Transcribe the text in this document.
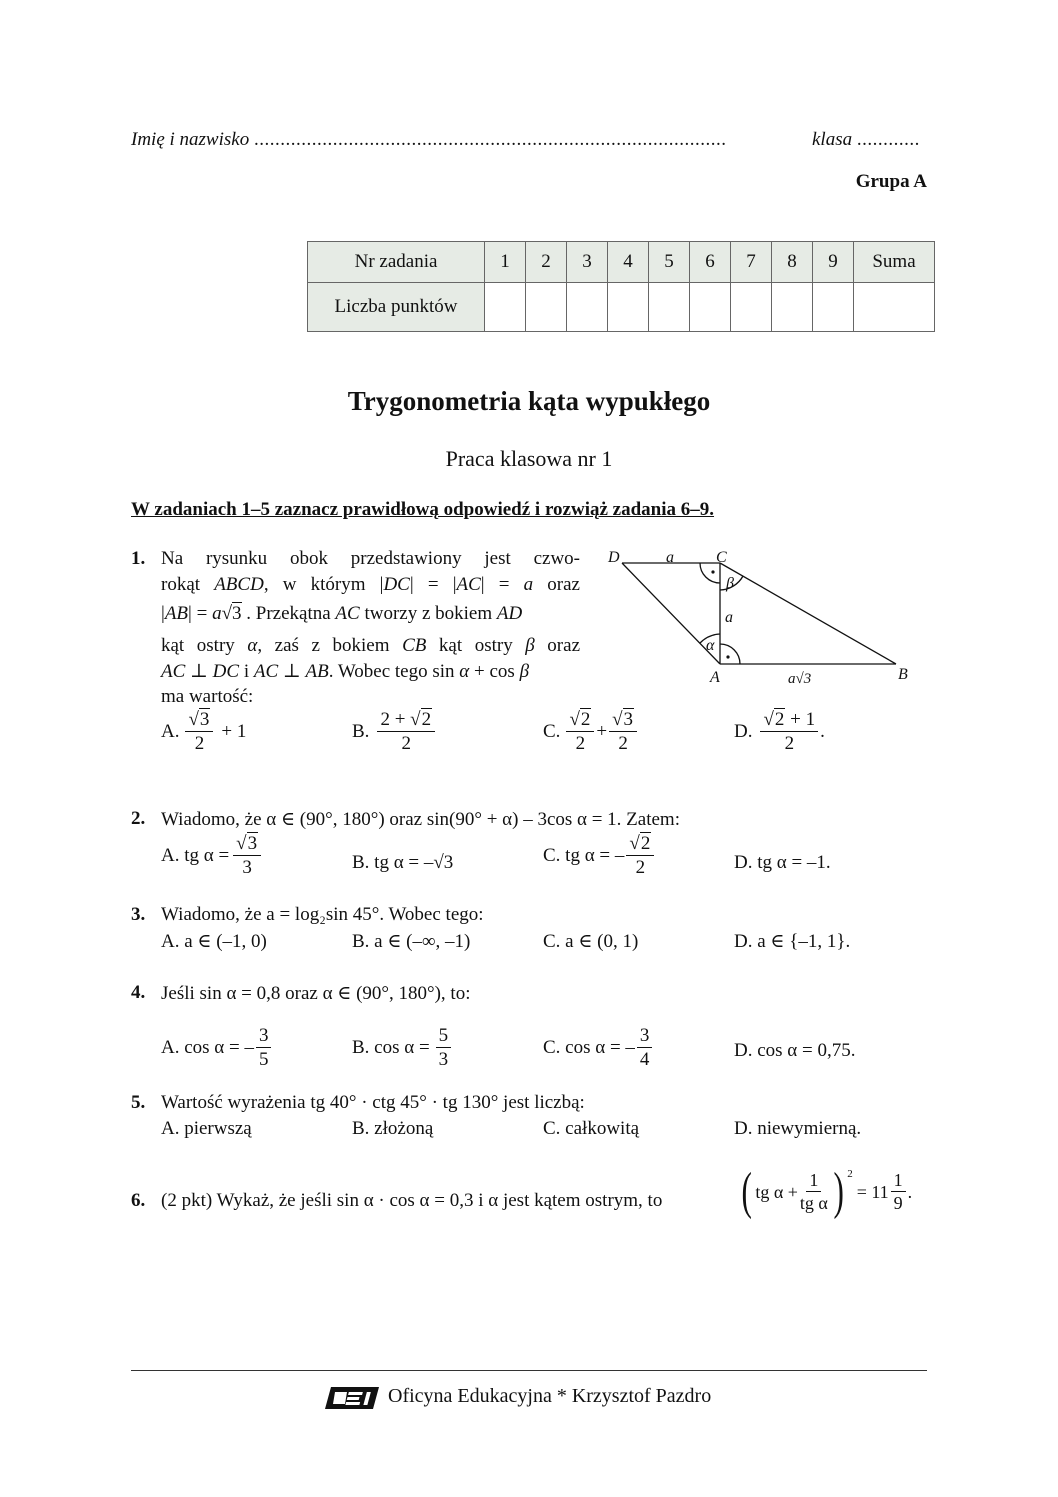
Imię i nazwisko ..........................................................................................	klasa ............
Grupa A
Nr zadania	1	2	3	4	5	6	7	8	9	Suma
Liczba punktów										
Trygonometria kąta wypukłego
Praca klasowa nr 1
W zadaniach 1–5 zaznacz prawidłową odpowiedź i rozwiąż zadania 6–9.
1. Na rysunku obok przedstawiony jest czwo-
rokąt ABCD, w którym |DC| = |AC| = a oraz
|AB| = a√3 . Przekątna AC tworzy z bokiem AD
kąt ostry α, zaś z bokiem CB kąt ostry β oraz
AC ⊥ DC i AC ⊥ AB. Wobec tego sin α + cos β
ma wartość:
D	C
A	B
a
a
a√3
α
β
A. $\frac{√3}{2} + 1$	B. $\frac{2 + √2}{2}$	C. $\frac{√2}{2} + \frac{√3}{2}$	D. $\frac{√2 + 1}{2}$ .
2. Wiadomo, że α ∈ (90°, 180°) oraz sin(90° + α) – 3cos α = 1. Zatem:
A. tg $\alpha = \frac{√3}{3}$	B. tg α = –√3	C. tg α = – $\frac{√2}{2}$	D. tg α = –1.
3. Wiadomo, że a = log₂sin 45°. Wobec tego:
A. a ∈ (–1, 0)	B. a ∈ (–∞, –1)	C. a ∈ (0, 1)	D. a ∈ {–1, 1}.
4. Jeśli sin α = 0,8 oraz α ∈ (90°, 180°), to:
A. cos α = – $\frac{3}{5}$	B. $\cos \alpha = \frac{5}{3}$	C. cos α = – $\frac{3}{4}$	D. cos α = 0,75.
5. Wartość wyrażenia tg 40° · ctg 45° · tg 130° jest liczbą:
A. pierwszą	B. złożoną	C. całkowitą	D. niewymierną.
6. (2 pkt) Wykaż, że jeśli sin α · cos α = 0,3 i α jest kątem ostrym, to ( tg $\alpha + \frac{1}{\text{tg α}}$ ) 2
= $11 \frac{1}{9}$ .
Oficyna Edukacyjna * Krzysztof Pazdro
